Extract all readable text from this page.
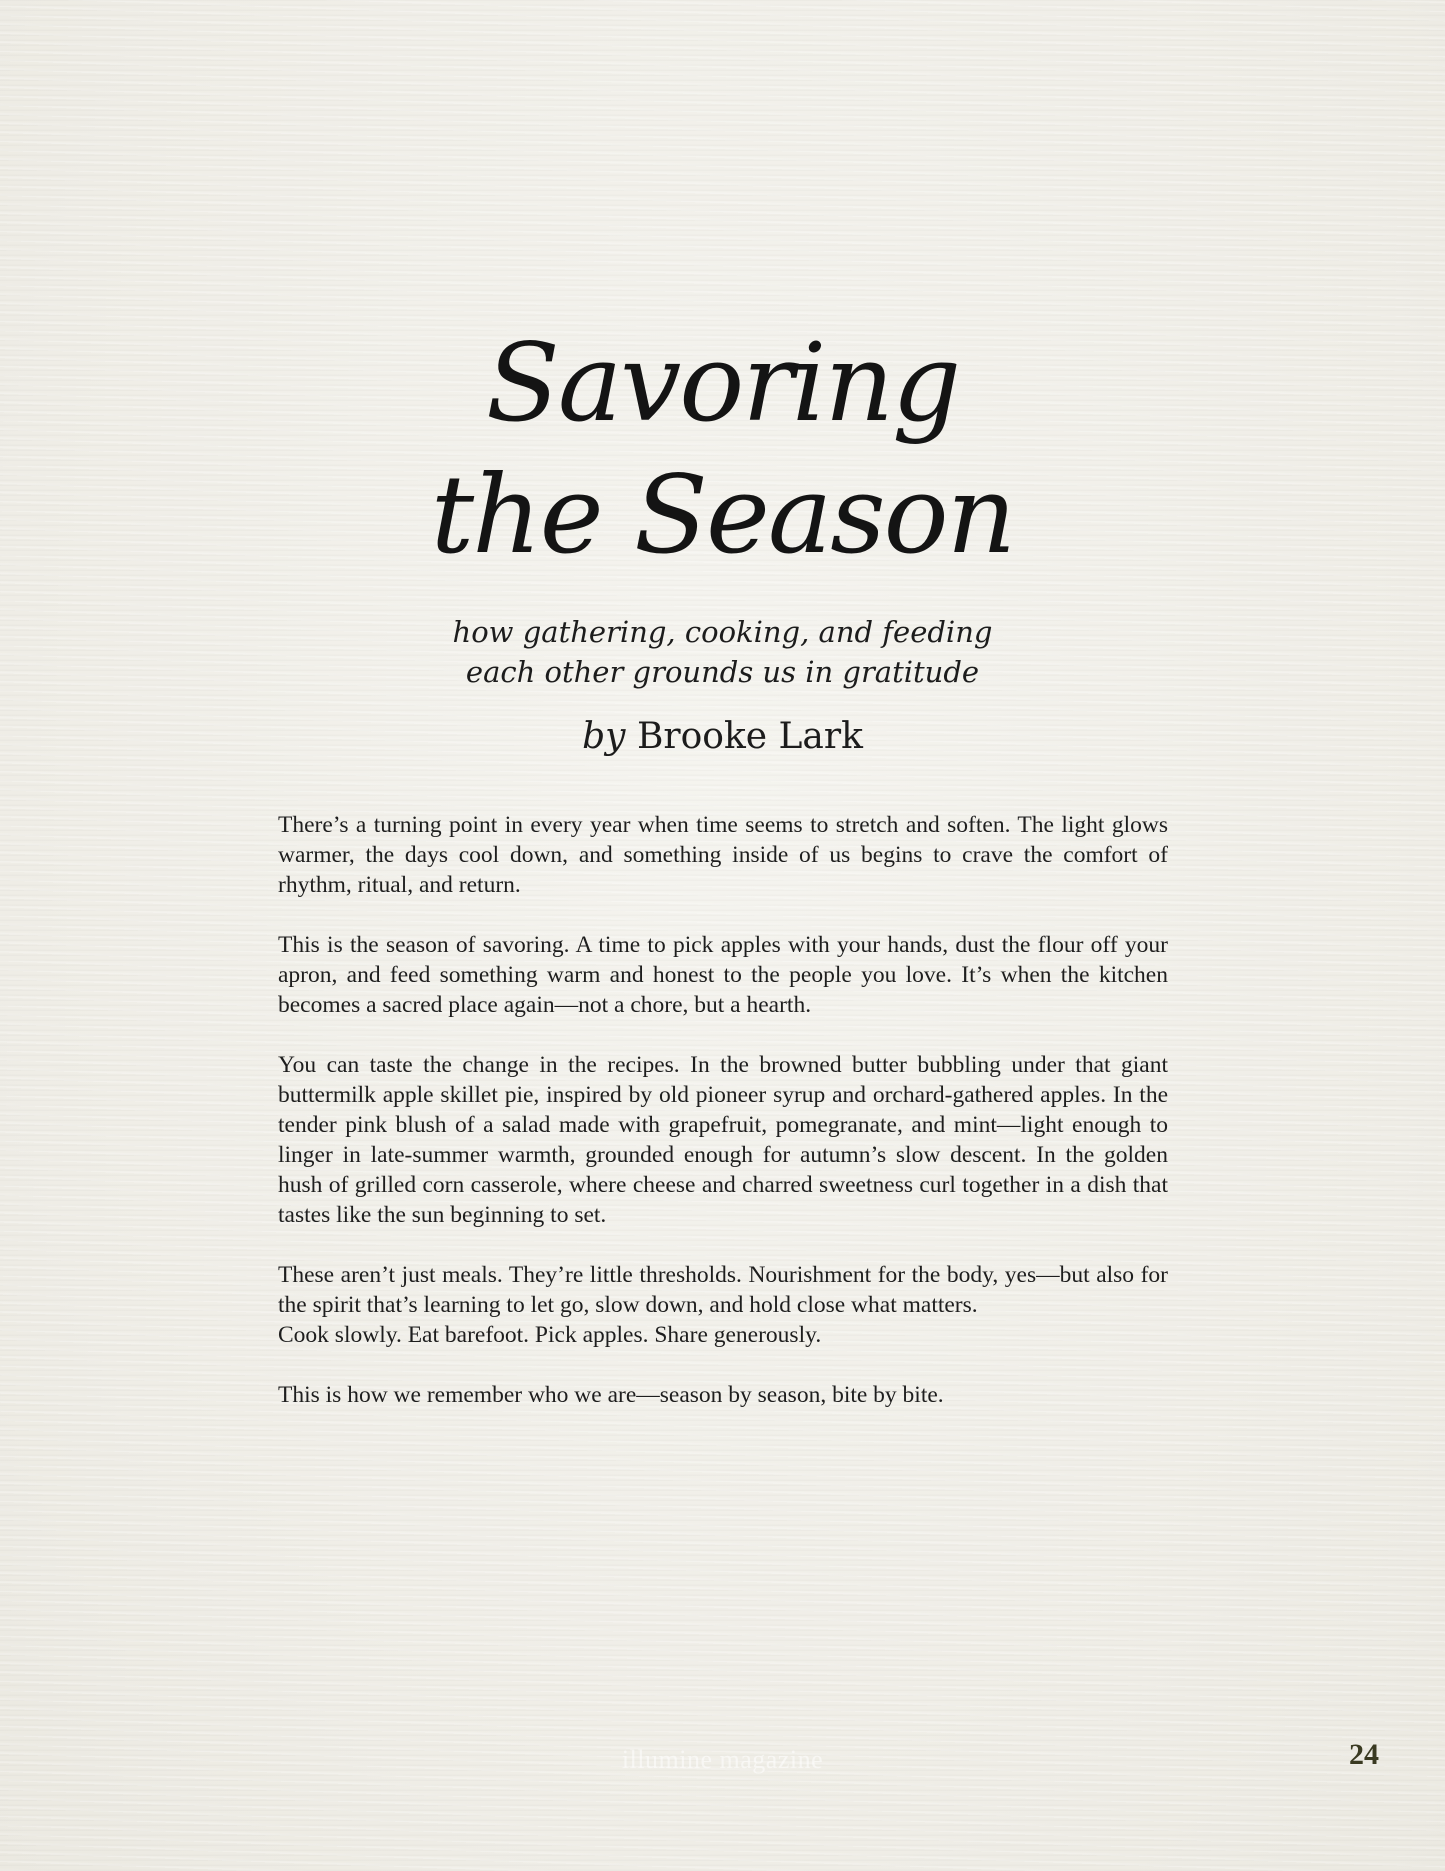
Savoring
the Season
how gathering, cooking, and feeding
each other grounds us in gratitude
by Brooke Lark

There’s a turning point in every year when time seems to stretch and soften. The light glows warmer, the days cool down, and something inside of us begins to crave the comfort of rhythm, ritual, and return.

This is the season of savoring. A time to pick apples with your hands, dust the flour off your apron, and feed something warm and honest to the people you love. It’s when the kitchen becomes a sacred place again—not a chore, but a hearth.

You can taste the change in the recipes. In the browned butter bubbling under that giant buttermilk apple skillet pie, inspired by old pioneer syrup and orchard-gathered apples. In the tender pink blush of a salad made with grapefruit, pomegranate, and mint—light enough to linger in late-summer warmth, grounded enough for autumn’s slow descent. In the golden hush of grilled corn casserole, where cheese and charred sweetness curl together in a dish that tastes like the sun beginning to set.

These aren’t just meals. They’re little thresholds. Nourishment for the body, yes—but also for the spirit that’s learning to let go, slow down, and hold close what matters.

Cook slowly. Eat barefoot. Pick apples. Share generously.

This is how we remember who we are—season by season, bite by bite.

illumine magazine	24
